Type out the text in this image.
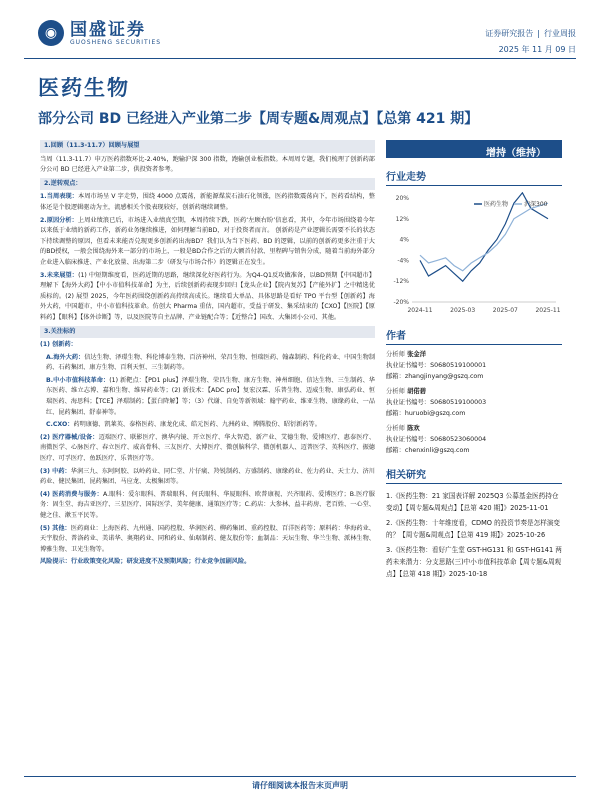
◉ 国盛证券
GUOSHENG SECURITIES
证券研究报告 | 行业周报
2025 年 11 月 09 日
医药生物
部分公司 BD 已经进入产业第二步【周专题&周观点】【总第 421 期】
1.回顾（11.3-11.7）回顾与展望
当周（11.3-11.7）申万医药指数环比-2.40%，跑输沪深 300 指数，跑输创业板指数。本周周专题，我们梳理了创新药部分公司 BD 已经进入产业第二步，供投资者参考。
2.逆转观点：
1.当周表现：本周市场呈 V 字走势，围绕 4000 点震荡，新能源煤炭石油石化领涨，医药指数震荡向下，医药看结构，整体还是个股逻辑驱动为主，流感相关个股表现较好，创新药继续调整。
2.原因分析：上周业绩浪已后，市场进入业绩真空期，本周持续下跌，医药‘左顾右盼’信息看，其中，今年市场围绕着今年以来低于业绩的新药工作，新药业务继续推进，如何理解当前BD，对于投资者而言。 创新药是产业逻辑长需要不长的状态下持续调整的原因，但看未来能否兑现更多创新药出海BD？我们认为当下医药、BD 的逻辑，以前的创新药更多注重于大的BD授权，一般会围绕海外来一部分的市场上，一般是BD合作之后的大额首付款、里程碑与销售分成，随着当前海外部分企业进入临床推进、产业化放量、出海第二步（研发与市场合作）的逻辑正在发生。
3.未来展望：(1) 中短期维度看，医药近期的思路，继续深化好医药行为。为Q4-Q1反攻做准备，以BD预期【中国超市】理解下【海外大药】【中小市值科技革命】为主，后续创新药表现步回归【龙头企业】【院内复苏】【产能外扩】之中精选优质标的。(2) 展望 2025，今年医药围绕创新药高持续高成长。继续看大单品、具体思路是看好 TPO 平台型【创新药】海外大药，中国超市，中小市值科技革命。仿创大 Pharma 重估，国内超市，受益于研发、集采结束的【CXO】【医院】【原料药】【眼科】【体外诊断】等，以及医院等自主品牌、产业链配合等；【近整合】国改、大集团小公司、其他。
3.关注标的
(1) 创新药：
A.海外大药：信达生物、泽璟生物、科伦博泰生物、百济神州、荣昌生物、恒瑞医药、翰森制药、科伦药业、中国生物制药、石药集团、康方生物、百利天恒、三生制药等。
B.中小市值科技革命：(1) 新靶点：【PD1 plus】泽璟生物、荣昌生物、康方生物、神州细胞、信达生物、三生制药、华东医药、维立志博、嘉和生物、维昇药业等；(2) 新技术：【ADC pro】复宏汉霖、乐普生物、迈威生物、康弘药业、恒瑞医药、海思科；【TCE】泽璟制药；【蛋白降解】等；（3）代谢、自免等新领域：翰宇药业、维亚生物、康缘药业、一品红、昆药集团、舒泰神等。
C.CXO：药明康德、凯莱英、泰格医药、康龙化成、皓元医药、九洲药业、博腾股份、昭衍新药等。
(2) 医疗器械/设备：迈瑞医疗、联影医疗、澳华内镜、开立医疗、华大智造、新产业、艾德生物、爱博医疗、惠泰医疗、南微医学、心脉医疗、春立医疗、威高骨科、三友医疗、大博医疗、微创脑科学、微创机器人、迈普医学、英科医疗、振德医疗、可孚医疗、鱼跃医疗、乐普医疗等。
(3) 中药：华润三九、东阿阿胶、以岭药业、同仁堂、片仔癀、羚锐制药、方盛制药、康缘药业、佐力药业、天士力、济川药业、健民集团、昆药集团、马应龙、太极集团等。
(4) 医药消费与服务：A.眼科：爱尔眼科、普瑞眼科、何氏眼科、华厦眼科、欧普康视、兴齐眼药、爱博医疗；B.医疗服务：固生堂、海吉亚医疗、三星医疗、国际医学、美年健康、通策医疗等；C.药店：大参林、益丰药房、老百姓、一心堂、健之佳、漱玉平民等。
(5) 其他：医药商业：上海医药、九州通、国药控股、华润医药、柳药集团、重药控股、百洋医药等；原料药：华海药业、天宇股份、普洛药业、美诺华、奥翔药业、同和药业、仙琚制药、健友股份等；血制品：天坛生物、华兰生物、派林生物、博雅生物、卫光生物等。
风险提示：行业政策变化风险；研发进度不及预期风险；行业竞争加剧风险。
增持（维持）
行业走势
20%
12%
4%
-4%
-12%
-20%
2024-11	2025-03	2025-07	2025-11
医药生物	沪深300
作者
分析师 张金洋
执业证书编号：S0680519100001
邮箱：zhangjinyang@gszq.com
分析师 胡偌碧
执业证书编号：S0680519100003
邮箱：huruobi@gszq.com
分析师 陈欢
执业证书编号：S0680523060004
邮箱：chenxinli@gszq.com
相关研究
1.《医药生物：21 家国表详解 2025Q3 公募基金医药持仓变动】【周专题&周观点】【总第 420 期】》2025-11-01
2.《医药生物：十年维度看，CDMO 的投资节奏是怎样演变的？【周专题&周观点】【总第 419 期】》2025-10-26
3.《医药生物：看好广生堂 GST-HG131 和 GST-HG141 两药未来潜力：分支思路(三)中小市值科技革命【周专题&周观点】【总第 418 期】》2025-10-18
请仔细阅读本报告末页声明
